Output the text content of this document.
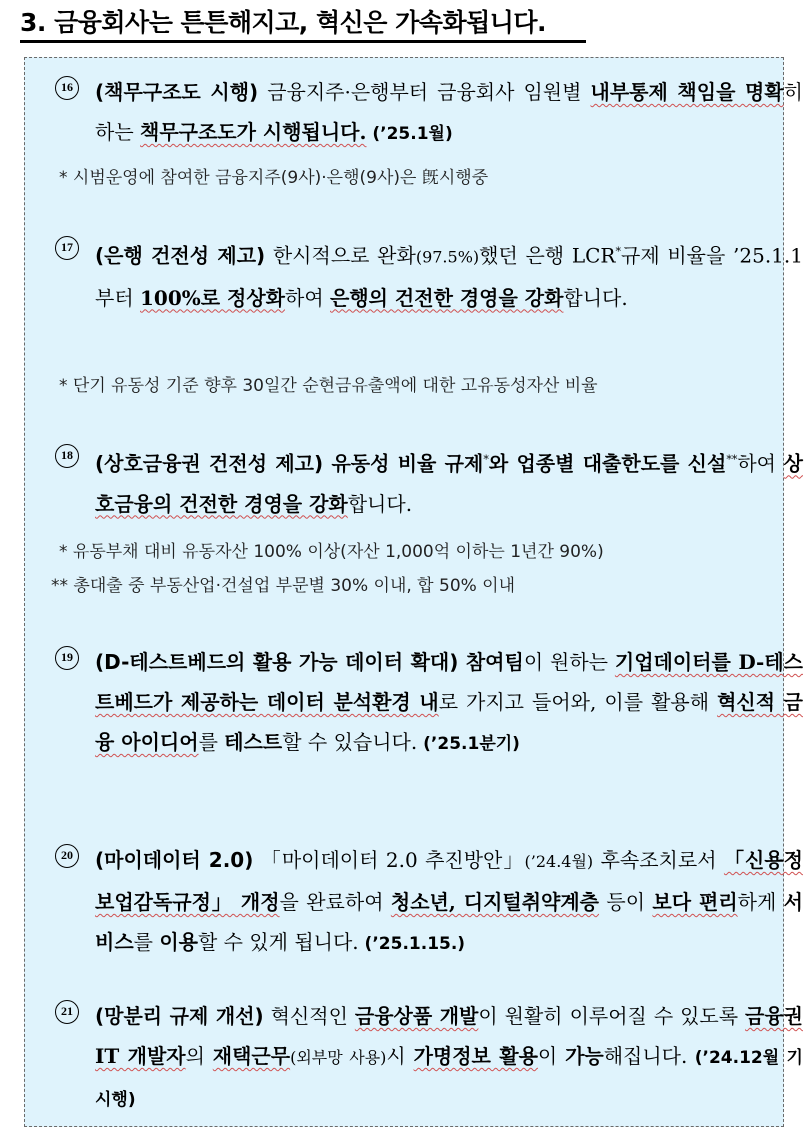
3. 금융회사는 튼튼해지고, 혁신은 가속화됩니다.
16	(책무구조도 시행) 금융지주·은행부터 금융회사 임원별 내부통제 책임을 명확히 하는 책무구조도가 시행됩니다. (’25.1월)
* 시범운영에 참여한 금융지주(9사)·은행(9사)은 旣시행중
17	(은행 건전성 제고) 한시적으로 완화(97.5%)했던 은행 LCR*규제 비율을 ’25.1.1부터 100%로 정상화하여 은행의 건전한 경영을 강화합니다.
* 단기 유동성 기준 향후 30일간 순현금유출액에 대한 고유동성자산 비율
18	(상호금융권 건전성 제고) 유동성 비율 규제*와 업종별 대출한도를 신설**하여 상호금융의 건전한 경영을 강화합니다.
* 유동부채 대비 유동자산 100% 이상(자산 1,000억 이하는 1년간 90%)
** 총대출 중 부동산업·건설업 부문별 30% 이내, 합 50% 이내
19	(D-테스트베드의 활용 가능 데이터 확대) 참여팀이 원하는 기업데이터를 D-테스트베드가 제공하는 데이터 분석환경 내로 가지고 들어와, 이를 활용해 혁신적 금융 아이디어를 테스트할 수 있습니다. (’25.1분기)
20	(마이데이터 2.0) 「마이데이터 2.0 추진방안」(’24.4월) 후속조치로서 「신용정보업감독규정」 개정을 완료하여 청소년, 디지털취약계층 등이 보다 편리하게 서비스를 이용할 수 있게 됩니다. (’25.1.15.)
21	(망분리 규제 개선) 혁신적인 금융상품 개발이 원활히 이루어질 수 있도록 금융권 IT 개발자의 재택근무(외부망 사용)시 가명정보 활용이 가능해집니다. (’24.12월 기시행)
